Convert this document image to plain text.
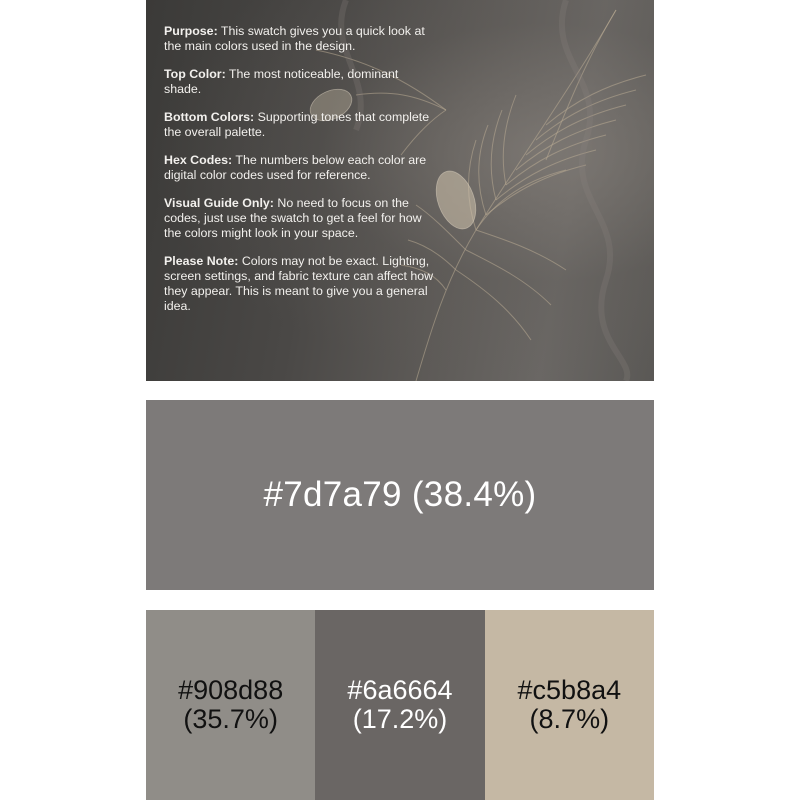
Purpose: This swatch gives you a quick look at the main colors used in the design.

Top Color: The most noticeable, dominant shade.

Bottom Colors: Supporting tones that complete the overall palette.

Hex Codes: The numbers below each color are digital color codes used for reference.

Visual Guide Only: No need to focus on the codes, just use the swatch to get a feel for how the colors might look in your space.

Please Note: Colors may not be exact. Lighting, screen settings, and fabric texture can affect how they appear. This is meant to give you a general idea.

#7d7a79 (38.4%)
#908d88
(35.7%)
#6a6664
(17.2%)
#c5b8a4
(8.7%)
